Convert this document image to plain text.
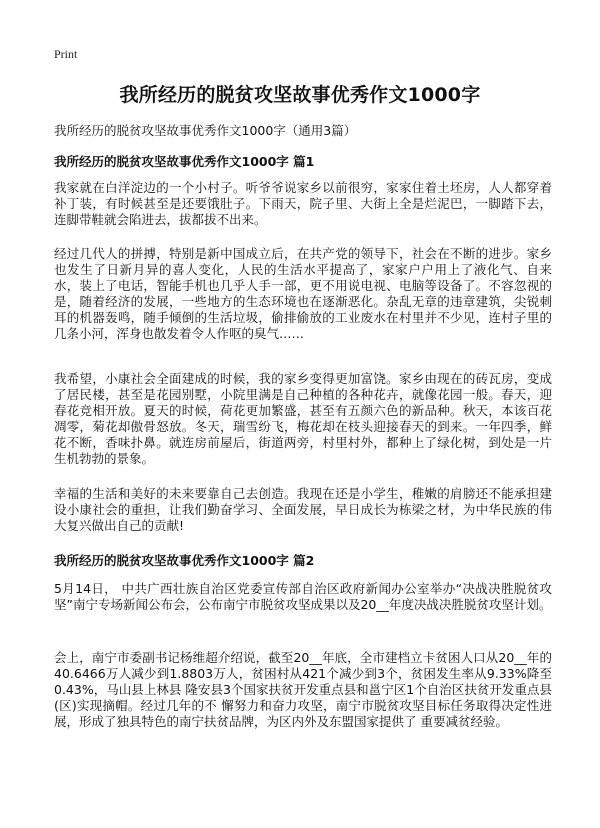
Print
我所经历的脱贫攻坚故事优秀作文1000字

我所经历的脱贫攻坚故事优秀作文1000字（通用3篇）

我所经历的脱贫攻坚故事优秀作文1000字 篇1

我家就在白洋淀边的一个小村子。听爷爷说家乡以前很穷，家家住着土坯房，人人都穿着补丁装，有时候甚至是还要饿肚子。下雨天，院子里、大街上全是烂泥巴，一脚踏下去，连脚带鞋就会陷进去，拔都拔不出来。

经过几代人的拼搏，特别是新中国成立后，在共产党的领导下，社会在不断的进步。家乡也发生了日新月异的喜人变化，人民的生活水平提高了，家家户户用上了液化气、自来水，装上了电话，智能手机也几乎人手一部，更不用说电视、电脑等设备了。不容忽视的是，随着经济的发展，一些地方的生态环境也在逐渐恶化。杂乱无章的违章建筑，尖锐刺耳的机器轰鸣，随手倾倒的生活垃圾，偷排偷放的工业废水在村里并不少见，连村子里的几条小河，浑身也散发着令人作呕的臭气……

我希望，小康社会全面建成的时候，我的家乡变得更加富饶。家乡由现在的砖瓦房，变成了居民楼，甚至是花园别墅，小院里满是自己种植的各种花卉，就像花园一般。春天，迎春花竞相开放。夏天的时候，荷花更加繁盛，甚至有五颜六色的新品种。秋天，本该百花凋零，菊花却傲骨怒放。冬天，瑞雪纷飞，梅花却在枝头迎接春天的到来。一年四季，鲜花不断，香味扑鼻。就连房前屋后，街道两旁，村里村外，都种上了绿化树，到处是一片生机勃勃的景象。

幸福的生活和美好的未来要靠自己去创造。我现在还是小学生，稚嫩的肩膀还不能承担建设小康社会的重担，让我们勤奋学习、全面发展，早日成长为栋梁之材，为中华民族的伟大复兴做出自己的贡献!

我所经历的脱贫攻坚故事优秀作文1000字 篇2

5月14日， 中共广西壮族自治区党委宣传部自治区政府新闻办公室举办“决战决胜脱贫攻坚”南宁专场新闻公布会，公布南宁市脱贫攻坚成果以及20__年度决战决胜脱贫攻坚计划。

会上，南宁市委副书记杨维超介绍说，截至20__年底，全市建档立卡贫困人口从20__年的40.6466万人减少到1.8803万人，贫困村从421个减少到3个，贫困发生率从9.33%降至0.43%，马山县上林县 隆安县3个国家扶贫开发重点县和邕宁区1个自治区扶贫开发重点县(区)实现摘帽。经过几年的不 懈努力和奋力攻坚，南宁市脱贫攻坚目标任务取得决定性进展，形成了独具特色的南宁扶贫品牌，为区内外及东盟国家提供了 重要减贫经验。
